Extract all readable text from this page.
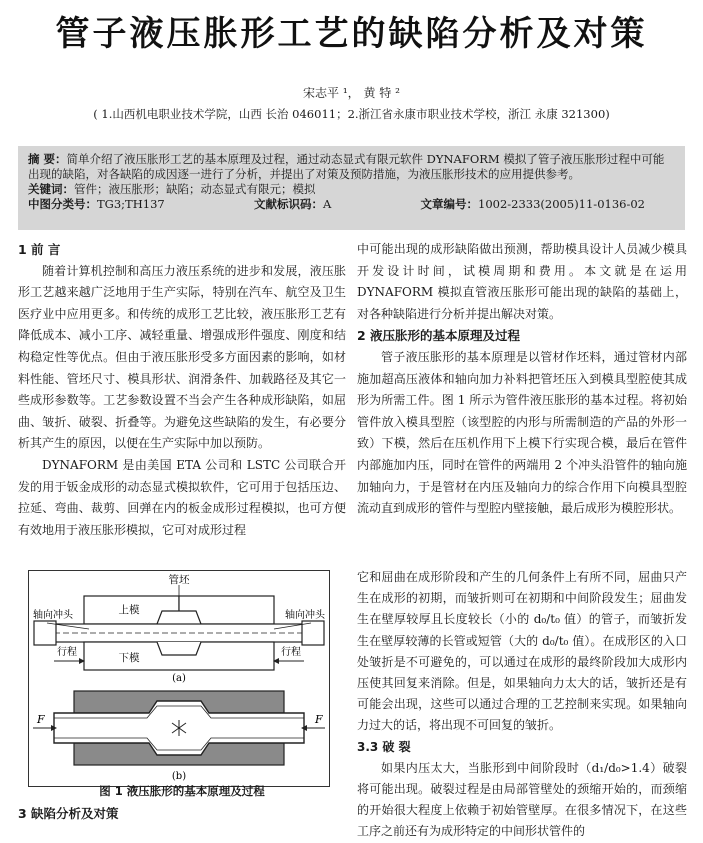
管子液压胀形工艺的缺陷分析及对策
宋志平 ¹， 黄 特 ²
( 1.山西机电职业技术学院，山西 长治 046011；2.浙江省永康市职业技术学校，浙江 永康 321300)
摘 要：简单介绍了液压胀形工艺的基本原理及过程，通过动态显式有限元软件 DYNAFORM 模拟了管子液压胀形过程中可能出现的缺陷，对各缺陷的成因逐一进行了分析，并提出了对策及预防措施，为液压胀形技术的应用提供参考。
关键词：管件；液压胀形；缺陷；动态显式有限元；模拟
中图分类号：TG3;TH137	文献标识码：A	文章编号：1002-2333(2005)11-0136-02

1 前 言

随着计算机控制和高压力液压系统的进步和发展，液压胀形工艺越来越广泛地用于生产实际，特别在汽车、航空及卫生医疗业中应用更多。和传统的成形工艺比较，液压胀形工艺有降低成本、减小工序、减轻重量、增强成形件强度、刚度和结构稳定性等优点。但由于液压胀形受多方面因素的影响，如材料性能、管坯尺寸、模具形状、润滑条件、加载路径及其它一些成形参数等。工艺参数设置不当会产生各种成形缺陷，如屈曲、皱折、破裂、折叠等。为避免这些缺陷的发生，有必要分析其产生的原因，以便在生产实际中加以预防。

DYNAFORM 是由美国 ETA 公司和 LSTC 公司联合开发的用于钣金成形的动态显式模拟软件，它可用于包括压边、拉延、弯曲、裁剪、回弹在内的板金成形过程模拟，也可方便有效地用于液压胀形模拟，它可对成形过程

中可能出现的成形缺陷做出预测，帮助模具设计人员减少模具开发设计时间，试模周期和费用。本文就是在运用 DYNAFORM 模拟直管液压胀形可能出现的缺陷的基础上，对各种缺陷进行分析并提出解决对策。

2 液压胀形的基本原理及过程

管子液压胀形的基本原理是以管材作坯料，通过管材内部施加超高压液体和轴向加力补料把管坯压入到模具型腔使其成形为所需工件。图 1 所示为管件液压胀形的基本过程。将初始管件放入模具型腔（该型腔的内形与所需制造的产品的外形一致）下模，然后在压机作用下上模下行实现合模，最后在管件内部施加内压，同时在管件的两端用 2 个冲头沿管件的轴向施加轴向力，于是管材在内压及轴向力的综合作用下向模具型腔流动直到成形的管件与型腔内壁接触，最后成形为模腔形状。

管坯
上模
下模
轴向冲头	轴向冲头
行程	行程
(a)
F	F
(b)
图 1 液压胀形的基本原理及过程
3 缺陷分析及对策

它和屈曲在成形阶段和产生的几何条件上有所不同，屈曲只产生在成形的初期，而皱折则可在初期和中间阶段发生；屈曲发生在壁厚较厚且长度较长（小的 d₀/t₀ 值）的管子，而皱折发生在壁厚较薄的长管或短管（大的 d₀/t₀ 值）。在成形区的入口处皱折是不可避免的，可以通过在成形的最终阶段加大成形内压使其回复来消除。但是，如果轴向力太大的话，皱折还是有可能会出现，这些可以通过合理的工艺控制来实现。如果轴向力过大的话，将出现不可回复的皱折。

3.3 破 裂

如果内压太大，当胀形到中间阶段时（d₁/d₀>1.4）破裂将可能出现。破裂过程是由局部管壁处的颈缩开始的，而颈缩的开始很大程度上依赖于初始管壁厚。在很多情况下，在这些工序之前还有为成形特定的中间形状管件的
